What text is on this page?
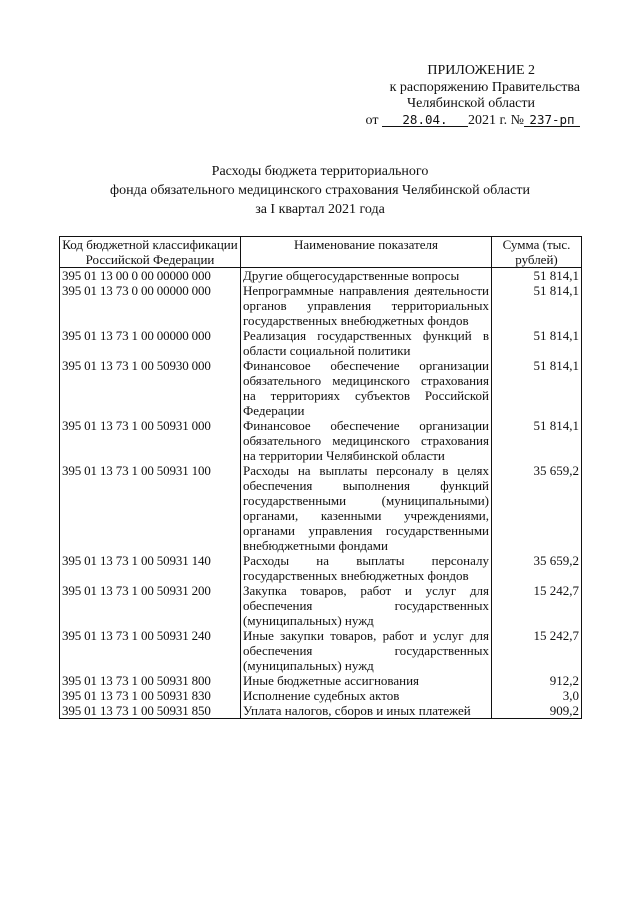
ПРИЛОЖЕНИЕ 2
к распоряжению Правительства
Челябинской области
от 28.04. 2021 г. № 237-рп
Расходы бюджета территориального
фонда обязательного медицинского страхования Челябинской области
за I квартал 2021 года
Код бюджетной классификации Российской Федерации	Наименование показателя	Сумма (тыс. рублей)
395 01 13 00 0 00 00000 000	Другие общегосударственные вопросы	51 814,1
395 01 13 73 0 00 00000 000	Непрограммные направления деятельности органов управления территориальных государственных внебюджетных фондов	51 814,1
395 01 13 73 1 00 00000 000	Реализация государственных функций в области социальной политики	51 814,1
395 01 13 73 1 00 50930 000	Финансовое обеспечение организации обязательного медицинского страхования на территориях субъектов Российской Федерации	51 814,1
395 01 13 73 1 00 50931 000	Финансовое обеспечение организации обязательного медицинского страхования на территории Челябинской области	51 814,1
395 01 13 73 1 00 50931 100	Расходы на выплаты персоналу в целях обеспечения выполнения функций государственными (муниципальными) органами, казенными учреждениями, органами управления государственными внебюджетными фондами	35 659,2
395 01 13 73 1 00 50931 140	Расходы на выплаты персоналу государственных внебюджетных фондов	35 659,2
395 01 13 73 1 00 50931 200	Закупка товаров, работ и услуг для обеспечения государственных (муниципальных) нужд	15 242,7
395 01 13 73 1 00 50931 240	Иные закупки товаров, работ и услуг для обеспечения государственных (муниципальных) нужд	15 242,7
395 01 13 73 1 00 50931 800	Иные бюджетные ассигнования	912,2
395 01 13 73 1 00 50931 830	Исполнение судебных актов	3,0
395 01 13 73 1 00 50931 850	Уплата налогов, сборов и иных платежей	909,2
